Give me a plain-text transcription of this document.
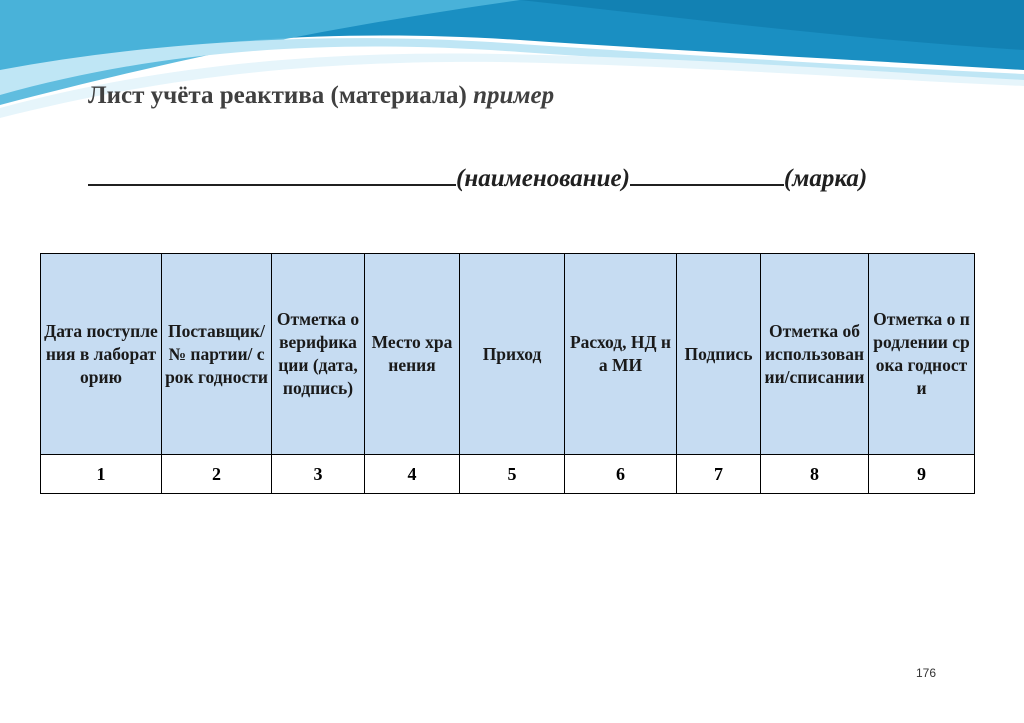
Лист учёта реактива (материала) пример
(наименование)	(марка)
Дата поступления в лабораторию	Поставщик/ № партии/ срок годности	Отметка о верификации (дата, подпись)	Место хранения	Приход	Расход, НД на МИ	Подпись	Отметка об использовании/списании	Отметка о продлении срока годности
1	2	3	4	5	6	7	8	9
176
